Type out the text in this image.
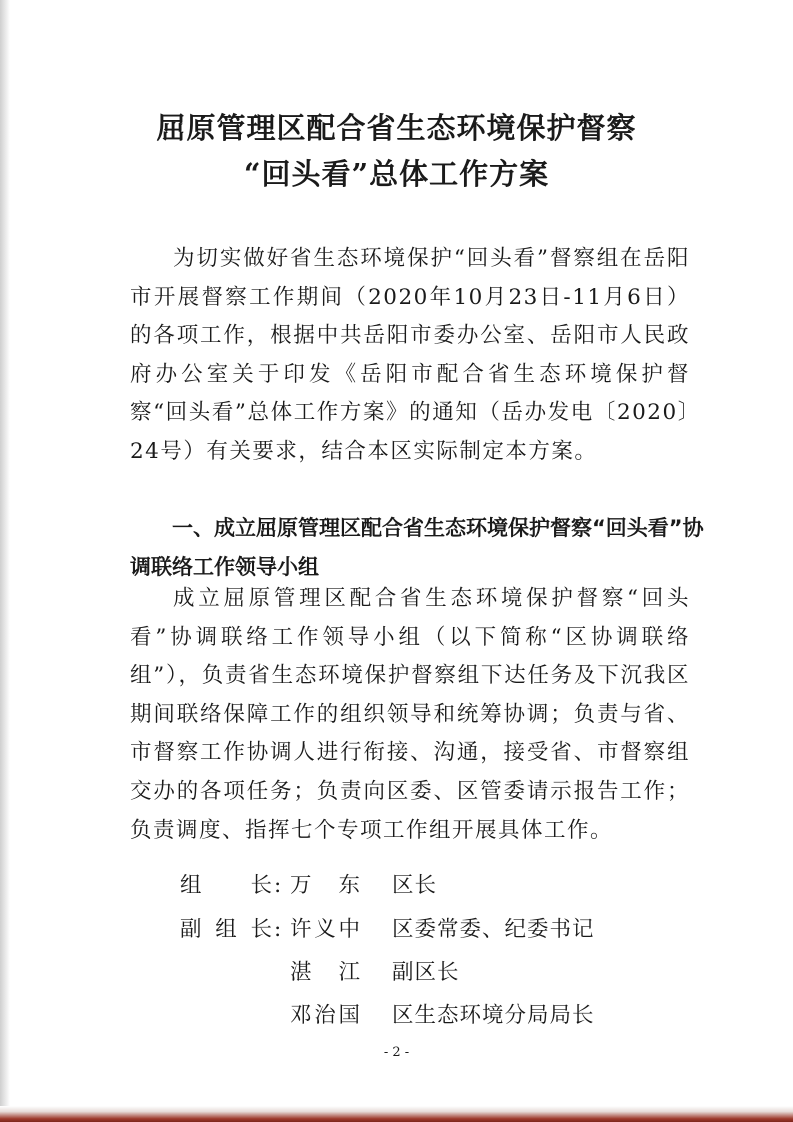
屈原管理区配合省生态环境保护督察
“回头看”总体工作方案

为切实做好省生态环境保护“回头看”督察组在岳阳市开展督察工作期间（2020年10月23日-11月6日）的各项工作，根据中共岳阳市委办公室、岳阳市人民政府办公室关于印发《岳阳市配合省生态环境保护督察“回头看”总体工作方案》的通知（岳办发电〔2020〕24号）有关要求，结合本区实际制定本方案。

一、成立屈原管理区配合省生态环境保护督察“回头看”协调联络工作领导小组

成立屈原管理区配合省生态环境保护督察“回头看”协调联络工作领导小组（以下简称“区协调联络组”），负责省生态环境保护督察组下达任务及下沉我区期间联络保障工作的组织领导和统筹协调；负责与省、市督察工作协调人进行衔接、沟通，接受省、市督察组交办的各项任务；负责向区委、区管委请示报告工作；负责调度、指挥七个专项工作组开展具体工作。

组长 : 万东 区长
副组长 : 许义中 区委常委、纪委书记
湛江 副区长
邓治国 区生态环境分局局长
- 2 -
